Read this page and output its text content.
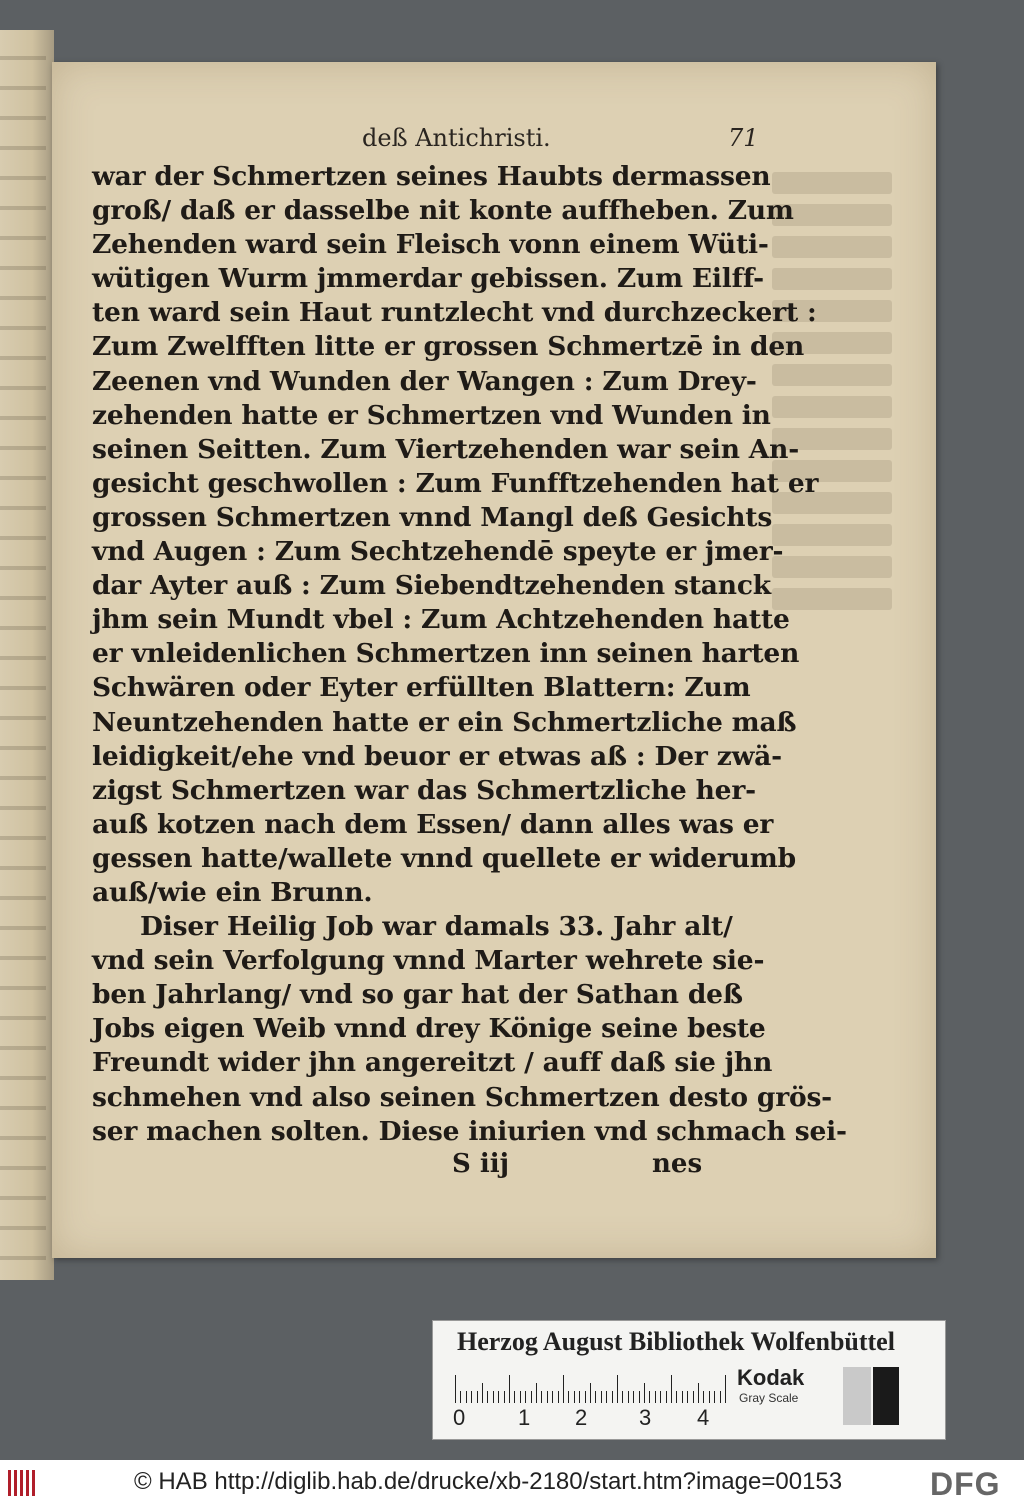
deß Antichristi.	71
war der Schmertzen seines Haubts dermassen
groß/ daß er dasselbe nit konte auffheben. Zum
Zehenden ward sein Fleisch vonn einem Wüti-
wütigen Wurm jmmerdar gebissen. Zum Eilff-
ten ward sein Haut runtzlecht vnd durchzeckert :
Zum Zwelfften litte er grossen Schmertzē in den
Zeenen vnd Wunden der Wangen : Zum Drey-
zehenden hatte er Schmertzen vnd Wunden in
seinen Seitten. Zum Viertzehenden war sein An-
gesicht geschwollen : Zum Funfftzehenden hat er
grossen Schmertzen vnnd Mangl deß Gesichts
vnd Augen : Zum Sechtzehendē speyte er jmer-
dar Ayter auß : Zum Siebendtzehenden stanck
jhm sein Mundt vbel : Zum Achtzehenden hatte
er vnleidenlichen Schmertzen inn seinen harten
Schwären oder Eyter erfüllten Blattern: Zum
Neuntzehenden hatte er ein Schmertzliche maß
leidigkeit/ehe vnd beuor er etwas aß : Der zwä-
zigst Schmertzen war das Schmertzliche her-
auß kotzen nach dem Essen/ dann alles was er
gessen hatte/wallete vnnd quellete er widerumb
auß/wie ein Brunn.
Diser Heilig Job war damals 33. Jahr alt/
vnd sein Verfolgung vnnd Marter wehrete sie-
ben Jahrlang/ vnd so gar hat der Sathan deß
Jobs eigen Weib vnnd drey Könige seine beste
Freundt wider jhn angereitzt / auff daß sie jhn
schmehen vnd also seinen Schmertzen desto grös-
ser machen solten. Diese iniurien vnd schmach sei-
S iij	nes
Herzog August Bibliothek Wolfenbüttel
0 1 2 3 4
Kodak
Gray Scale
© HAB http://diglib.hab.de/drucke/xb-2180/start.htm?image=00153	DFG
